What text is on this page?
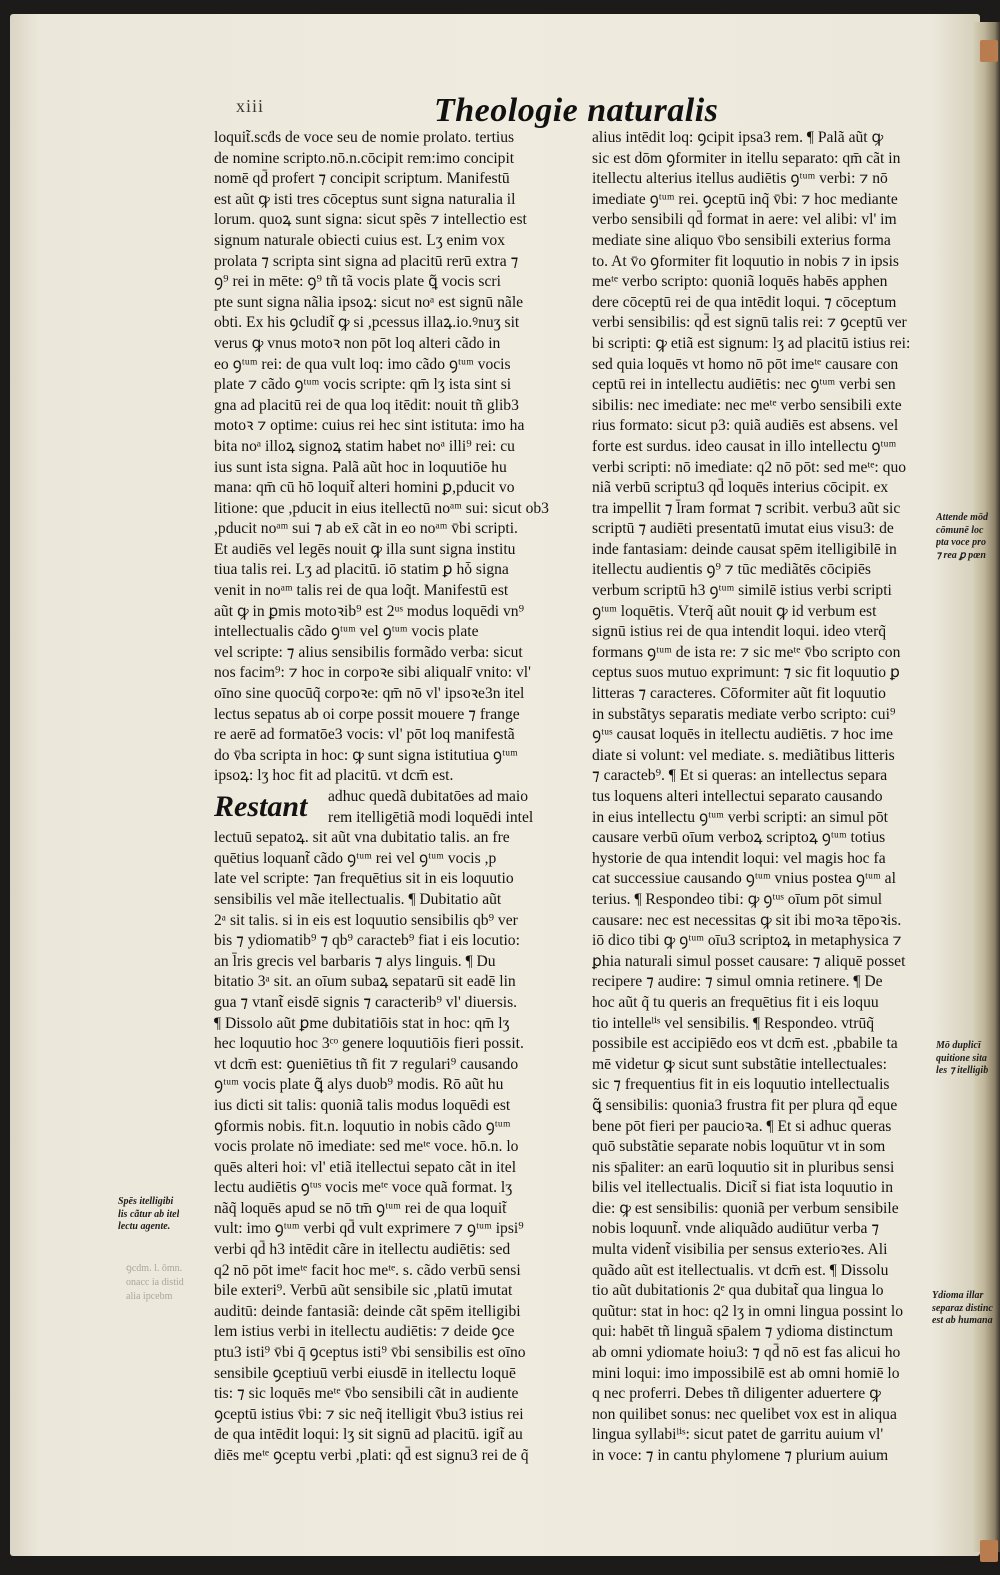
xiii	Theologie naturalis
loquit̃.scḋs de voce seu de nomie prolato. tertius
de nomine scripto.nō.n.cōcipit rem:imo concipit
nomē qd̄ profert ⁊ concipit scriptum. Manifestū
est aũt ꝙ isti tres cōceptus sunt signa naturalia il
lorum. quoꝝ sunt signa: sicut spẽs ⁊ intellectio est
signum naturale obiecti cuius est. Lʒ enim vox
prolata ⁊ scripta sint signa ad placitū rerū extra ⁊
ꝯ⁹ rei in mēte: ꝯ⁹ tñ tã vocis plate ꝗ̃ vocis scri
pte sunt signa nãlia ipsoꝝ: sicut noᵃ est signū nãle
obti. Ex his ꝯcludit̃ ꝙ si ,pcessus illaꝝ.io.ꝰnuʒ sit
verus ꝙ vnus motoꝛ non pōt loq alteri cãdo in
eo ꝯᵗᵘᵐ rei: de qua vult loq: imo cãdo ꝯᵗᵘᵐ vocis
plate ⁊ cãdo ꝯᵗᵘᵐ vocis scripte: qm̄ lʒ ista sint si
gna ad placitū rei de qua loq itēdit: nouit tñ glib3
motoꝛ ⁊ optime: cuius rei hec sint istituta: imo ha
bita noᵃ illoꝝ signoꝝ statim habet noᵃ illi⁹ rei: cu
ius sunt ista signa. Palã aũt hoc in loquutiōe hu
mana: qm̄ cū hō loquit̃ alteri homini ꝑ,pducit vo
litione: que ,pducit in eius itellectū noᵃᵐ sui: sicut ob3
,pducit noᵃᵐ sui ⁊ ab ex̄ cãt in eo noᵃᵐ v̄bi scripti.
Et audiēs vel legēs nouit ꝙ illa sunt signa institu
tiua talis rei. Lʒ ad placitū. iō statim ꝑ hȱ signa
venit in noᵃᵐ talis rei de qua loq̃t. Manifestū est
aũt ꝙ in ꝑmis motoꝛib⁹ est 2ᵘˢ modus loquēdi vn⁹
intellectualis cãdo ꝯᵗᵘᵐ vel ꝯᵗᵘᵐ vocis plate
vel scripte: ⁊ alius sensibilis formãdo verba: sicut
nos facim⁹: ⁊ hoc in corpoꝛe sibi aliqualr̄ vnito: vl'
oīno sine quocūq̃ corpoꝛe: qm̄ nō vl' ipsoꝛe3n itel
lectus sepatus ab oi corpe possit mouere ⁊ frange
re aerē ad formatōe3 vocis: vl' pōt loq manifestã
do v̄ba scripta in hoc: ꝙ sunt signa istitutiua ꝯᵗᵘᵐ
ipsoꝝ: lʒ hoc fit ad placitū. vt dcm̄ est.
Restant adhuc quedã dubitatōes ad maio
rem itelligētiã modi loquēdi intel
lectuū sepatoꝝ. sit aũt vna dubitatio talis. an fre
quētius loquant̃ cãdo ꝯᵗᵘᵐ rei vel ꝯᵗᵘᵐ vocis ,p
late vel scripte: ⁊an frequētius sit in eis loquutio
sensibilis vel mãe itellectualis. ¶ Dubitatio aũt
2ᵃ sit talis. si in eis est loquutio sensibilis qb⁹ ver
bis ⁊ ydiomatib⁹ ⁊ qb⁹ caracteb⁹ fiat i eis locutio:
an l̄ris grecis vel barbaris ⁊ alys linguis. ¶ Du
bitatio 3ᵃ sit. an oīum subaꝝ sepatarū sit eadē lin
gua ⁊ vtant̃ eisdē signis ⁊ caracterib⁹ vl' diuersis.
¶ Dissolo aũt ꝑme dubitatiōis stat in hoc: qm̄ lʒ
hec loquutio hoc 3ᶜᵒ genere loquutiōis fieri possit.
vt dcm̄ est: ꝯueniētius tñ fit ⁊ regulari⁹ causando
ꝯᵗᵘᵐ vocis plate ꝗ̃ alys duob⁹ modis. Rō aũt hu
ius dicti sit talis: quoniã talis modus loquēdi est
ꝯformis nobis. fit.n. loquutio in nobis cãdo ꝯᵗᵘᵐ
vocis prolate nō imediate: sed meᵗᵉ voce. hō.n. lo
quēs alteri hoi: vl' etiã itellectui sepato cãt in itel
lectu audiētis ꝯᵗᵘˢ vocis meᵗᵉ voce quã format. lʒ
nãq̃ loquēs apud se nō tm̄ ꝯᵗᵘᵐ rei de qua loquit̃
vult: imo ꝯᵗᵘᵐ verbi qd̄ vult exprimere ⁊ ꝯᵗᵘᵐ ipsi⁹
verbi qd̄ h3 intēdit cãre in itellectu audiētis: sed
q2 nō pōt imeᵗᵉ facit hoc meᵗᵉ. s. cãdo verbū sensi
bile exteri⁹. Verbū aũt sensibile sic ,platū imutat
auditū: deinde fantasiã: deinde cãt spēm itelligibi
lem istius verbi in itellectu audiētis: ⁊ deide ꝯce
ptu3 isti⁹ v̄bi q̄ ꝯceptus isti⁹ v̄bi sensibilis est oīno
sensibile ꝯceptiuū verbi eiusdē in itellectu loquē
tis: ⁊ sic loquēs meᵗᵉ v̄bo sensibili cãt in audiente
ꝯceptū istius v̄bi: ⁊ sic neq̃ itelligit v̄bu3 istius rei
de qua intēdit loqui: lʒ sit signū ad placitū. igit̃ au
diēs meᵗᵉ ꝯceptu verbi ,plati: qd̄ est signu3 rei de q̃
alius intēdit loq: ꝯcipit ipsa3 rem. ¶ Palã aũt ꝙ
sic est dōm ꝯformiter in itellu separato: qm̄ cãt in
itellectu alterius itellus audiētis ꝯᵗᵘᵐ verbi: ⁊ nō
imediate ꝯᵗᵘᵐ rei. ꝯceptū inq̃ v̄bi: ⁊ hoc mediante
verbo sensibili qd̄ format in aere: vel alibi: vl' im
mediate sine aliquo v̄bo sensibili exterius forma
to. At v̄o ꝯformiter fit loquutio in nobis ⁊ in ipsis
meᵗᵉ verbo scripto: quoniã loquēs habēs apphen
dere cōceptū rei de qua intēdit loqui. ⁊ cōceptum
verbi sensibilis: qd̄ est signū talis rei: ⁊ ꝯceptū ver
bi scripti: ꝙ etiã est signum: lʒ ad placitū istius rei:
sed quia loquēs vt homo nō pōt imeᵗᵉ causare con
ceptū rei in intellectu audiētis: nec ꝯᵗᵘᵐ verbi sen
sibilis: nec imediate: nec meᵗᵉ verbo sensibili exte
rius formato: sicut p3: quiã audiēs est absens. vel
forte est surdus. ideo causat in illo intellectu ꝯᵗᵘᵐ
verbi scripti: nō imediate: q2 nō pōt: sed meᵗᵉ: quo
niã verbū scriptu3 qd̄ loquēs interius cōcipit. ex
tra impellit ⁊ l̄ram format ⁊ scribit. verbu3 aũt sic
scriptū ⁊ audiēti presentatū imutat eius visu3: de
inde fantasiam: deinde causat spēm itelligibilē in
itellectu audientis ꝯ⁹ ⁊ tūc mediãtēs cōcipiēs
verbum scriptū h3 ꝯᵗᵘᵐ similē istius verbi scripti
ꝯᵗᵘᵐ loquētis. Vterq̃ aũt nouit ꝙ id verbum est
signū istius rei de qua intendit loqui. ideo vterq̃
formans ꝯᵗᵘᵐ de ista re: ⁊ sic meᵗᵉ v̄bo scripto con
ceptus suos mutuo exprimunt: ⁊ sic fit loquutio ꝑ
litteras ⁊ caracteres. Cōformiter aũt fit loquutio
in substãtys separatis mediate verbo scripto: cui⁹
ꝯᵗᵘˢ causat loquēs in itellectu audiētis. ⁊ hoc ime
diate si volunt: vel mediate. s. mediãtibus litteris
⁊ caracteb⁹. ¶ Et si queras: an intellectus separa
tus loquens alteri intellectui separato causando
in eius intellectu ꝯᵗᵘᵐ verbi scripti: an simul pōt
causare verbū oīum verboꝝ scriptoꝝ ꝯᵗᵘᵐ totius
hystorie de qua intendit loqui: vel magis hoc fa
cat successiue causando ꝯᵗᵘᵐ vnius postea ꝯᵗᵘᵐ al
terius. ¶ Respondeo tibi: ꝙ ꝯᵗᵘˢ oīum pōt simul
causare: nec est necessitas ꝙ sit ibi moꝛa tēpoꝛis.
iō dico tibi ꝙ ꝯᵗᵘᵐ oīu3 scriptoꝝ in metaphysica ⁊
ꝑhia naturali simul posset causare: ⁊ aliquē posset
recipere ⁊ audire: ⁊ simul omnia retinere. ¶ De
hoc aũt q̃ tu queris an frequētius fit i eis loquu
tio intelleˡⁱˢ vel sensibilis. ¶ Respondeo. vtrūq̃
possibile est accipiēdo eos vt dcm̄ est. ,pbabile ta
mē videtur ꝙ sicut sunt substãtie intellectuales:
sic ⁊ frequentius fit in eis loquutio intellectualis
ꝗ̃ sensibilis: quonia3 frustra fit per plura qd̄ eque
bene pōt fieri per paucioꝛa. ¶ Et si adhuc queras
quō substãtie separate nobis loquūtur vt in som
nis sp̄aliter: an earū loquutio sit in pluribus sensi
bilis vel itellectualis. Dicit̃ si fiat ista loquutio in
die: ꝙ est sensibilis: quoniã per verbum sensibile
nobis loquunt̃. vnde aliquãdo audiūtur verba ⁊
multa vident̃ visibilia per sensus exterioꝛes. Ali
quãdo aũt est itellectualis. vt dcm̄ est. ¶ Dissolu
tio aũt dubitationis 2ᵉ qua dubitat̃ qua lingua lo
quũtur: stat in hoc: q2 lʒ in omni lingua possint lo
qui: habēt tñ linguã sp̄alem ⁊ ydioma distinctum
ab omni ydiomate hoiu3: ⁊ qd̄ nō est fas alicui ho
mini loqui: imo impossibilē est ab omni homiē lo
q nec proferri. Debes tñ diligenter aduertere ꝙ
non quilibet sonus: nec quelibet vox est in aliqua
lingua syllabiˡⁱˢ: sicut patet de garritu auium vl'
in voce: ⁊ in cantu phylomene ⁊ plurium auium
Spēs itelligibi
lis cãtur ab itel
lectu agente.
ꝯcdm. l. ōmn.
onacc ia distid
alia ipcebm
Attende mōd
cōmunē loc
pta voce pro
⁊ rea ꝑ pœn
Mō duplicī
quitione sita
les ⁊ itelligib
Ydioma illar
separaz distinc
est ab humana
